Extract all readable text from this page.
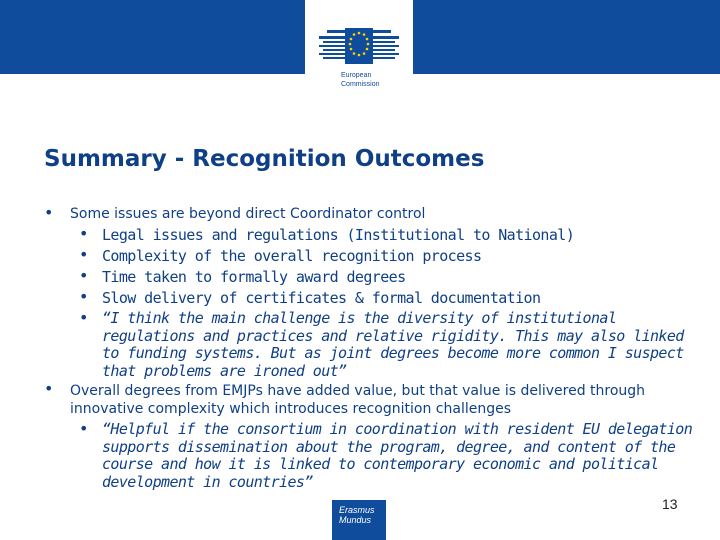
European
Commission
Summary - Recognition Outcomes
• Some issues are beyond direct Coordinator control
• Legal issues and regulations (Institutional to National)
• Complexity of the overall recognition process
• Time taken to formally award degrees
• Slow delivery of certificates & formal documentation
• “I think the main challenge is the diversity of institutional regulations and practices and relative rigidity. This may also linked to funding systems. But as joint degrees become more common I suspect that problems are ironed out”
• Overall degrees from EMJPs have added value, but that value is delivered through innovative complexity which introduces recognition challenges
• “Helpful if the consortium in coordination with resident EU delegation supports dissemination about the program, degree, and content of the course and how it is linked to contemporary economic and political development in countries”
13
Erasmus
Mundus
